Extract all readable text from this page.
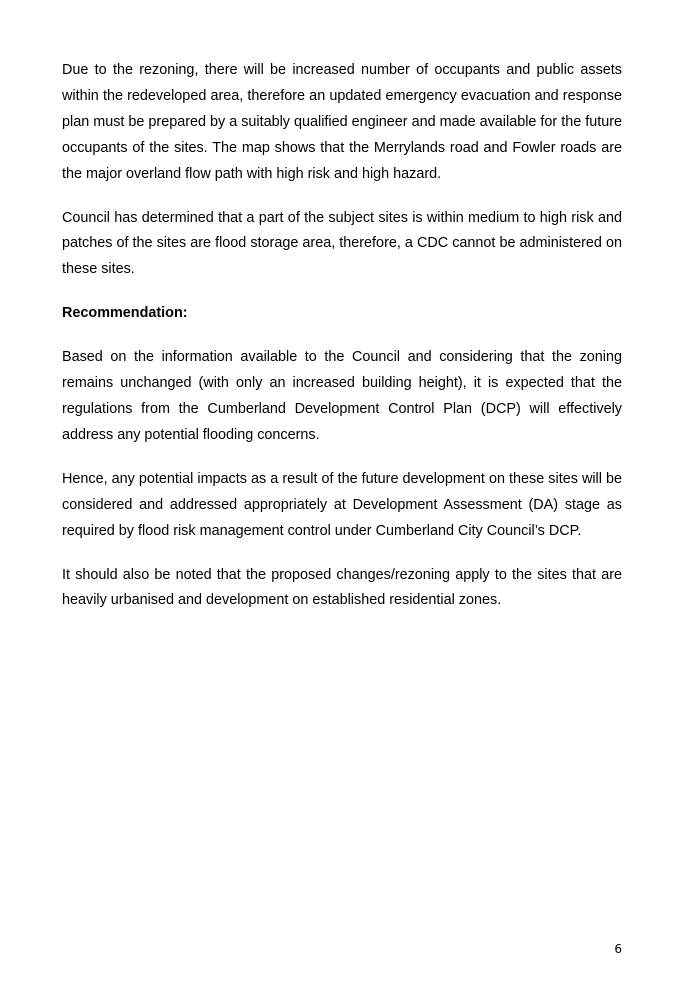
Due to the rezoning, there will be increased number of occupants and public assets within the redeveloped area, therefore an updated emergency evacuation and response plan must be prepared by a suitably qualified engineer and made available for the future occupants of the sites. The map shows that the Merrylands road and Fowler roads are the major overland flow path with high risk and high hazard.

Council has determined that a part of the subject sites is within medium to high risk and patches of the sites are flood storage area, therefore, a CDC cannot be administered on these sites.

Recommendation:

Based on the information available to the Council and considering that the zoning remains unchanged (with only an increased building height), it is expected that the regulations from the Cumberland Development Control Plan (DCP) will effectively address any potential flooding concerns.

Hence, any potential impacts as a result of the future development on these sites will be considered and addressed appropriately at Development Assessment (DA) stage as required by flood risk management control under Cumberland City Council’s DCP.

It should also be noted that the proposed changes/rezoning apply to the sites that are heavily urbanised and development on established residential zones.

6
